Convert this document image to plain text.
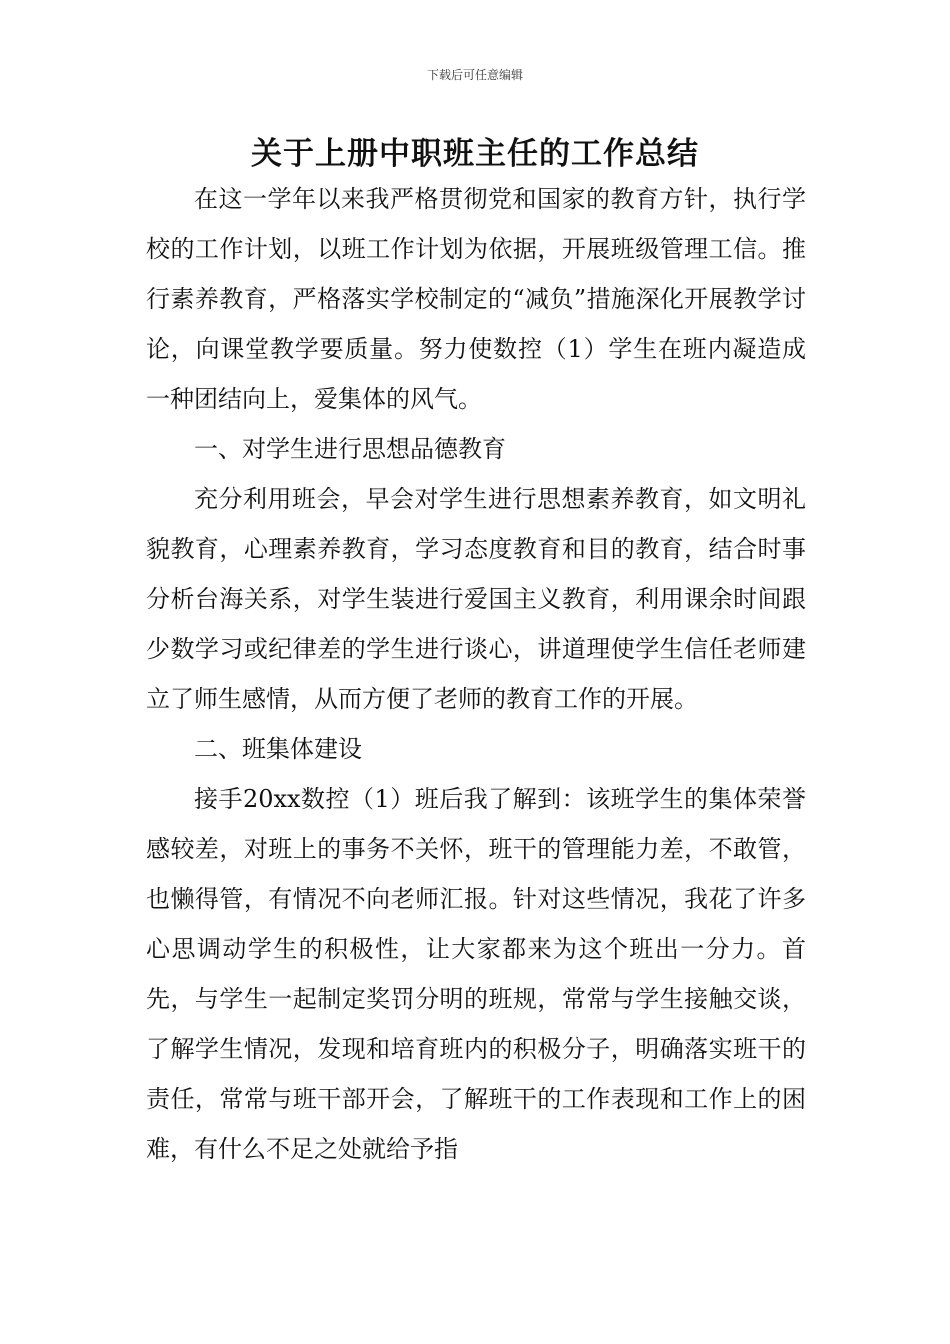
下载后可任意编辑
关于上册中职班主任的工作总结

在这一学年以来我严格贯彻党和国家的教育方针，执行学校的工作计划，以班工作计划为依据，开展班级管理工信。推行素养教育，严格落实学校制定的“减负”措施深化开展教学讨论，向课堂教学要质量。努力使数控（1）学生在班内凝造成一种团结向上，爱集体的风气。

一、对学生进行思想品德教育

充分利用班会，早会对学生进行思想素养教育，如文明礼貌教育，心理素养教育，学习态度教育和目的教育，结合时事分析台海关系，对学生装进行爱国主义教育，利用课余时间跟少数学习或纪律差的学生进行谈心，讲道理使学生信任老师建立了师生感情，从而方便了老师的教育工作的开展。

二、班集体建设

接手20xx数控（1）班后我了解到：该班学生的集体荣誉感较差，对班上的事务不关怀，班干的管理能力差，不敢管，也懒得管，有情况不向老师汇报。针对这些情况，我花了许多心思调动学生的积极性，让大家都来为这个班出一分力。首先，与学生一起制定奖罚分明的班规，常常与学生接触交谈，了解学生情况，发现和培育班内的积极分子，明确落实班干的责任，常常与班干部开会，了解班干的工作表现和工作上的困难，有什么不足之处就给予指
